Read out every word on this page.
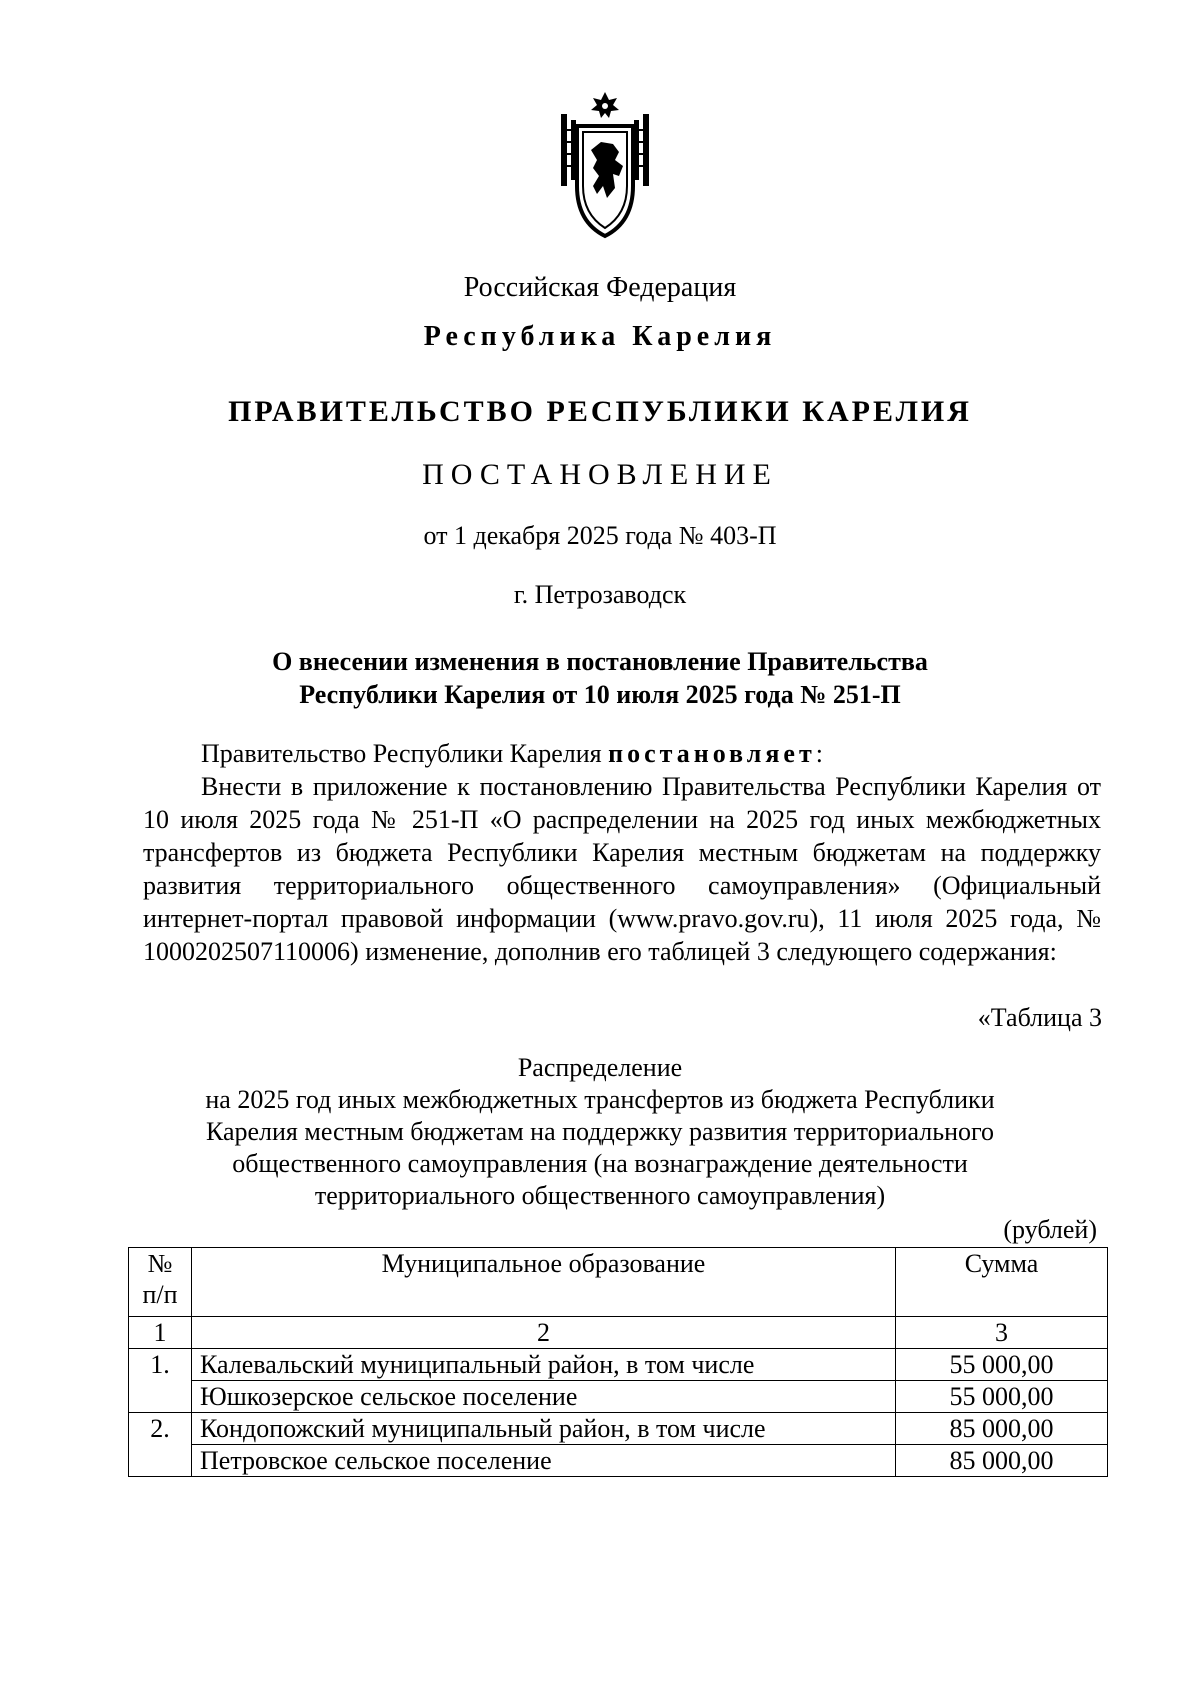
Российская Федерация
Республика Карелия
ПРАВИТЕЛЬСТВО РЕСПУБЛИКИ КАРЕЛИЯ
ПОСТАНОВЛЕНИЕ
от 1 декабря 2025 года № 403-П
г. Петрозаводск
О внесении изменения в постановление Правительства
Республики Карелия от 10 июля 2025 года № 251-П
Правительство Республики Карелия постановляет:
Внести в приложение к постановлению Правительства Республики Карелия от 10 июля 2025 года № 251-П «О распределении на 2025 год иных межбюджетных трансфертов из бюджета Республики Карелия местным бюджетам на поддержку развития территориального общественного самоуправления» (Официальный интернет-портал правовой информации (www.pravo.gov.ru), 11 июля 2025 года, № 1000202507110006) изменение, дополнив его таблицей 3 следующего содержания:
«Таблица 3
Распределение
на 2025 год иных межбюджетных трансфертов из бюджета Республики
Карелия местным бюджетам на поддержку развития территориального
общественного самоуправления (на вознаграждение деятельности
территориального общественного самоуправления)
(рублей)
№
п/п	Муниципальное образование	Сумма
1	2	3
1.	Калевальский муниципальный район, в том числе	55 000,00
	Юшкозерское сельское поселение	55 000,00
2.	Кондопожский муниципальный район, в том числе	85 000,00
	Петровское сельское поселение	85 000,00
